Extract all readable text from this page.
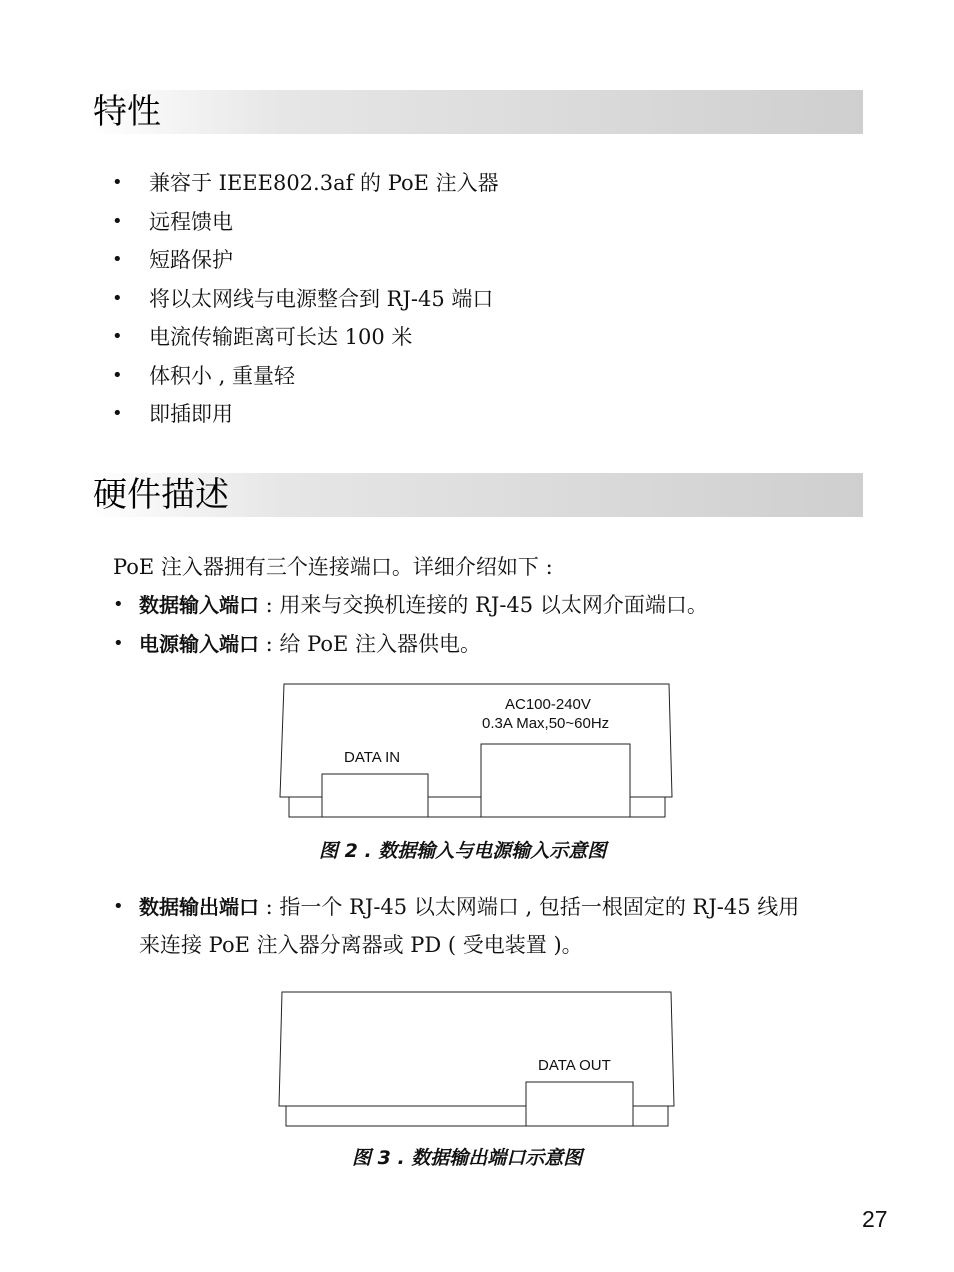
特性
• 兼容于 IEEE802.3af 的 PoE 注入器
• 远程馈电
• 短路保护
• 将以太网线与电源整合到 RJ-45 端口
• 电流传输距离可长达 100 米
• 体积小 , 重量轻
• 即插即用
硬件描述
PoE 注入器拥有三个连接端口。详细介绍如下 :
• 数据输入端口 : 用来与交换机连接的 RJ-45 以太网介面端口。
• 电源输入端口 : 给 PoE 注入器供电。
AC100-240V
0.3A Max,50~60Hz
DATA IN
图 2 . 数据输入与电源输入示意图
• 数据输出端口 : 指一个 RJ-45 以太网端口 , 包括一根固定的 RJ-45 线用
来连接 PoE 注入器分离器或 PD ( 受电装置 )。
DATA OUT
图 3 . 数据输出端口示意图
27
